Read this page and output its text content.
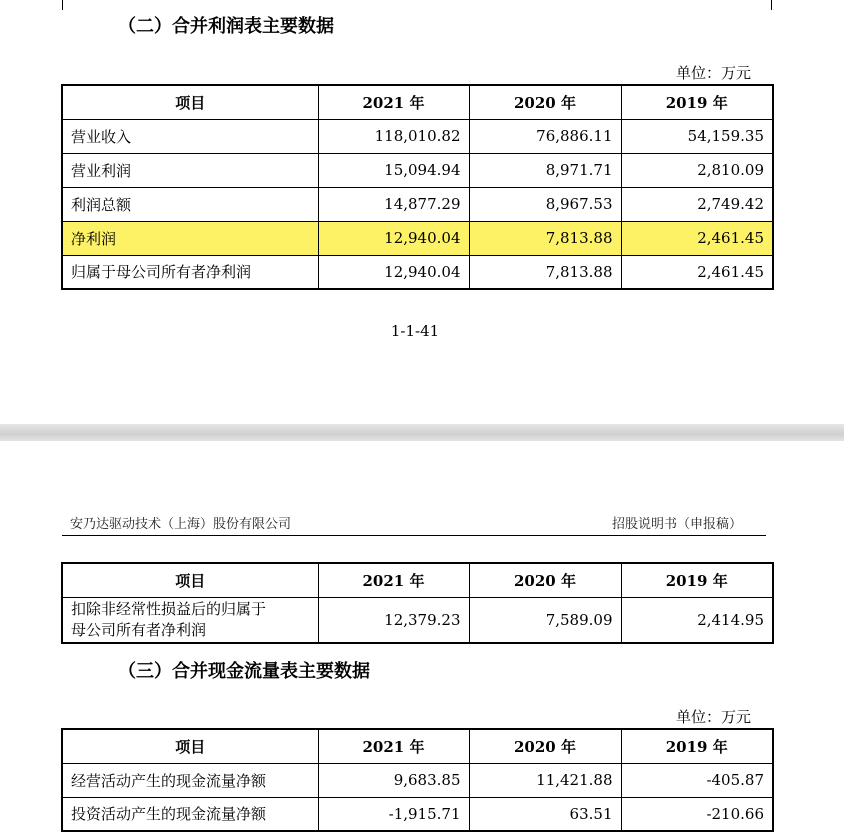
（二）合并利润表主要数据
单位：万元
项目	2021 年	2020 年	2019 年
营业收入	118,010.82	76,886.11	54,159.35
营业利润	15,094.94	8,971.71	2,810.09
利润总额	14,877.29	8,967.53	2,749.42
净利润	12,940.04	7,813.88	2,461.45
归属于母公司所有者净利润	12,940.04	7,813.88	2,461.45
1-1-41
安乃达驱动技术（上海）股份有限公司	招股说明书（申报稿）
项目	2021 年	2020 年	2019 年

扣除非经常性损益后的归属于
母公司所有者净利润	12,379.23	7,589.09	2,414.95
（三）合并现金流量表主要数据
单位：万元
项目	2021 年	2020 年	2019 年
经营活动产生的现金流量净额	9,683.85	11,421.88	-405.87
投资活动产生的现金流量净额	-1,915.71	63.51	-210.66
